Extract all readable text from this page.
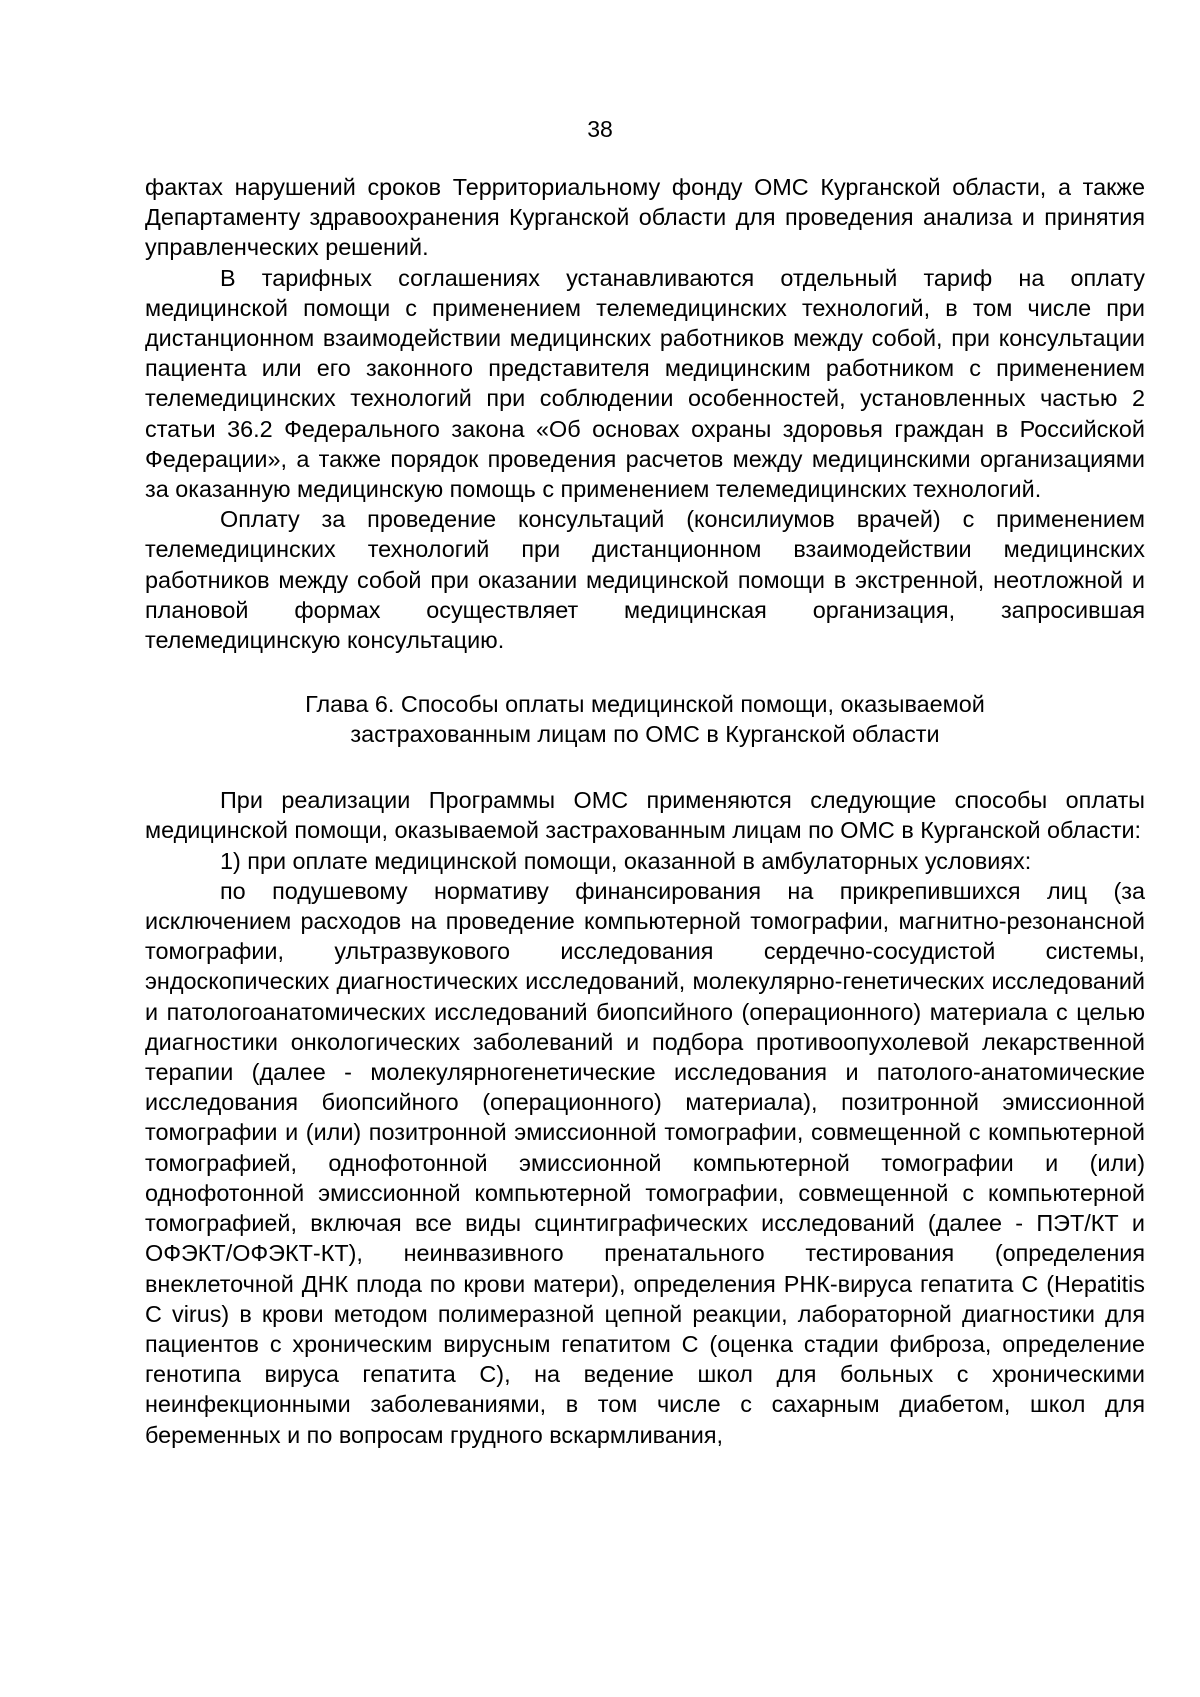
38

фактах нарушений сроков Территориальному фонду ОМС Курганской области, а также Департаменту здравоохранения Курганской области для проведения анализа и принятия управленческих решений.

В тарифных соглашениях устанавливаются отдельный тариф на оплату медицинской помощи с применением телемедицинских технологий, в том числе при дистанционном взаимодействии медицинских работников между собой, при консультации пациента или его законного представителя медицинским работником с применением телемедицинских технологий при соблюдении особенностей, установленных частью 2 статьи 36.2 Федерального закона «Об основах охраны здоровья граждан в Российской Федерации», а также порядок проведения расчетов между медицинскими организациями за оказанную медицинскую помощь с применением телемедицинских технологий.

Оплату за проведение консультаций (консилиумов врачей) с применением телемедицинских технологий при дистанционном взаимодействии медицинских работников между собой при оказании медицинской помощи в экстренной, неотложной и плановой формах осуществляет медицинская организация, запросившая телемедицинскую консультацию.

Глава 6. Способы оплаты медицинской помощи, оказываемой
застрахованным лицам по ОМС в Курганской области

При реализации Программы ОМС применяются следующие способы оплаты медицинской помощи, оказываемой застрахованным лицам по ОМС в Курганской области:

1) при оплате медицинской помощи, оказанной в амбулаторных условиях:

по подушевому нормативу финансирования на прикрепившихся лиц (за исключением расходов на проведение компьютерной томографии, магнитно-резонансной томографии, ультразвукового исследования сердечно-сосудистой системы, эндоскопических диагностических исследований, молекулярно-генетических исследований и патологоанатомических исследований биопсийного (операционного) материала с целью диагностики онкологических заболеваний и подбора противоопухолевой лекарственной терапии (далее - молекулярногенетические исследования и патолого-анатомические исследования биопсийного (операционного) материала), позитронной эмиссионной томографии и (или) позитронной эмиссионной томографии, совмещенной с компьютерной томографией, однофотонной эмиссионной компьютерной томографии и (или) однофотонной эмиссионной компьютерной томографии, совмещенной с компьютерной томографией, включая все виды сцинтиграфических исследований (далее - ПЭТ/КТ и ОФЭКТ/ОФЭКТ-КТ), неинвазивного пренатального тестирования (определения внеклеточной ДНК плода по крови матери), определения РНК-вируса гепатита С (Hepatitis C virus) в крови методом полимеразной цепной реакции, лабораторной диагностики для пациентов с хроническим вирусным гепатитом С (оценка стадии фиброза, определение генотипа вируса гепатита С), на ведение школ для больных с хроническими неинфекционными заболеваниями, в том числе с сахарным диабетом, школ для беременных и по вопросам грудного вскармливания,
